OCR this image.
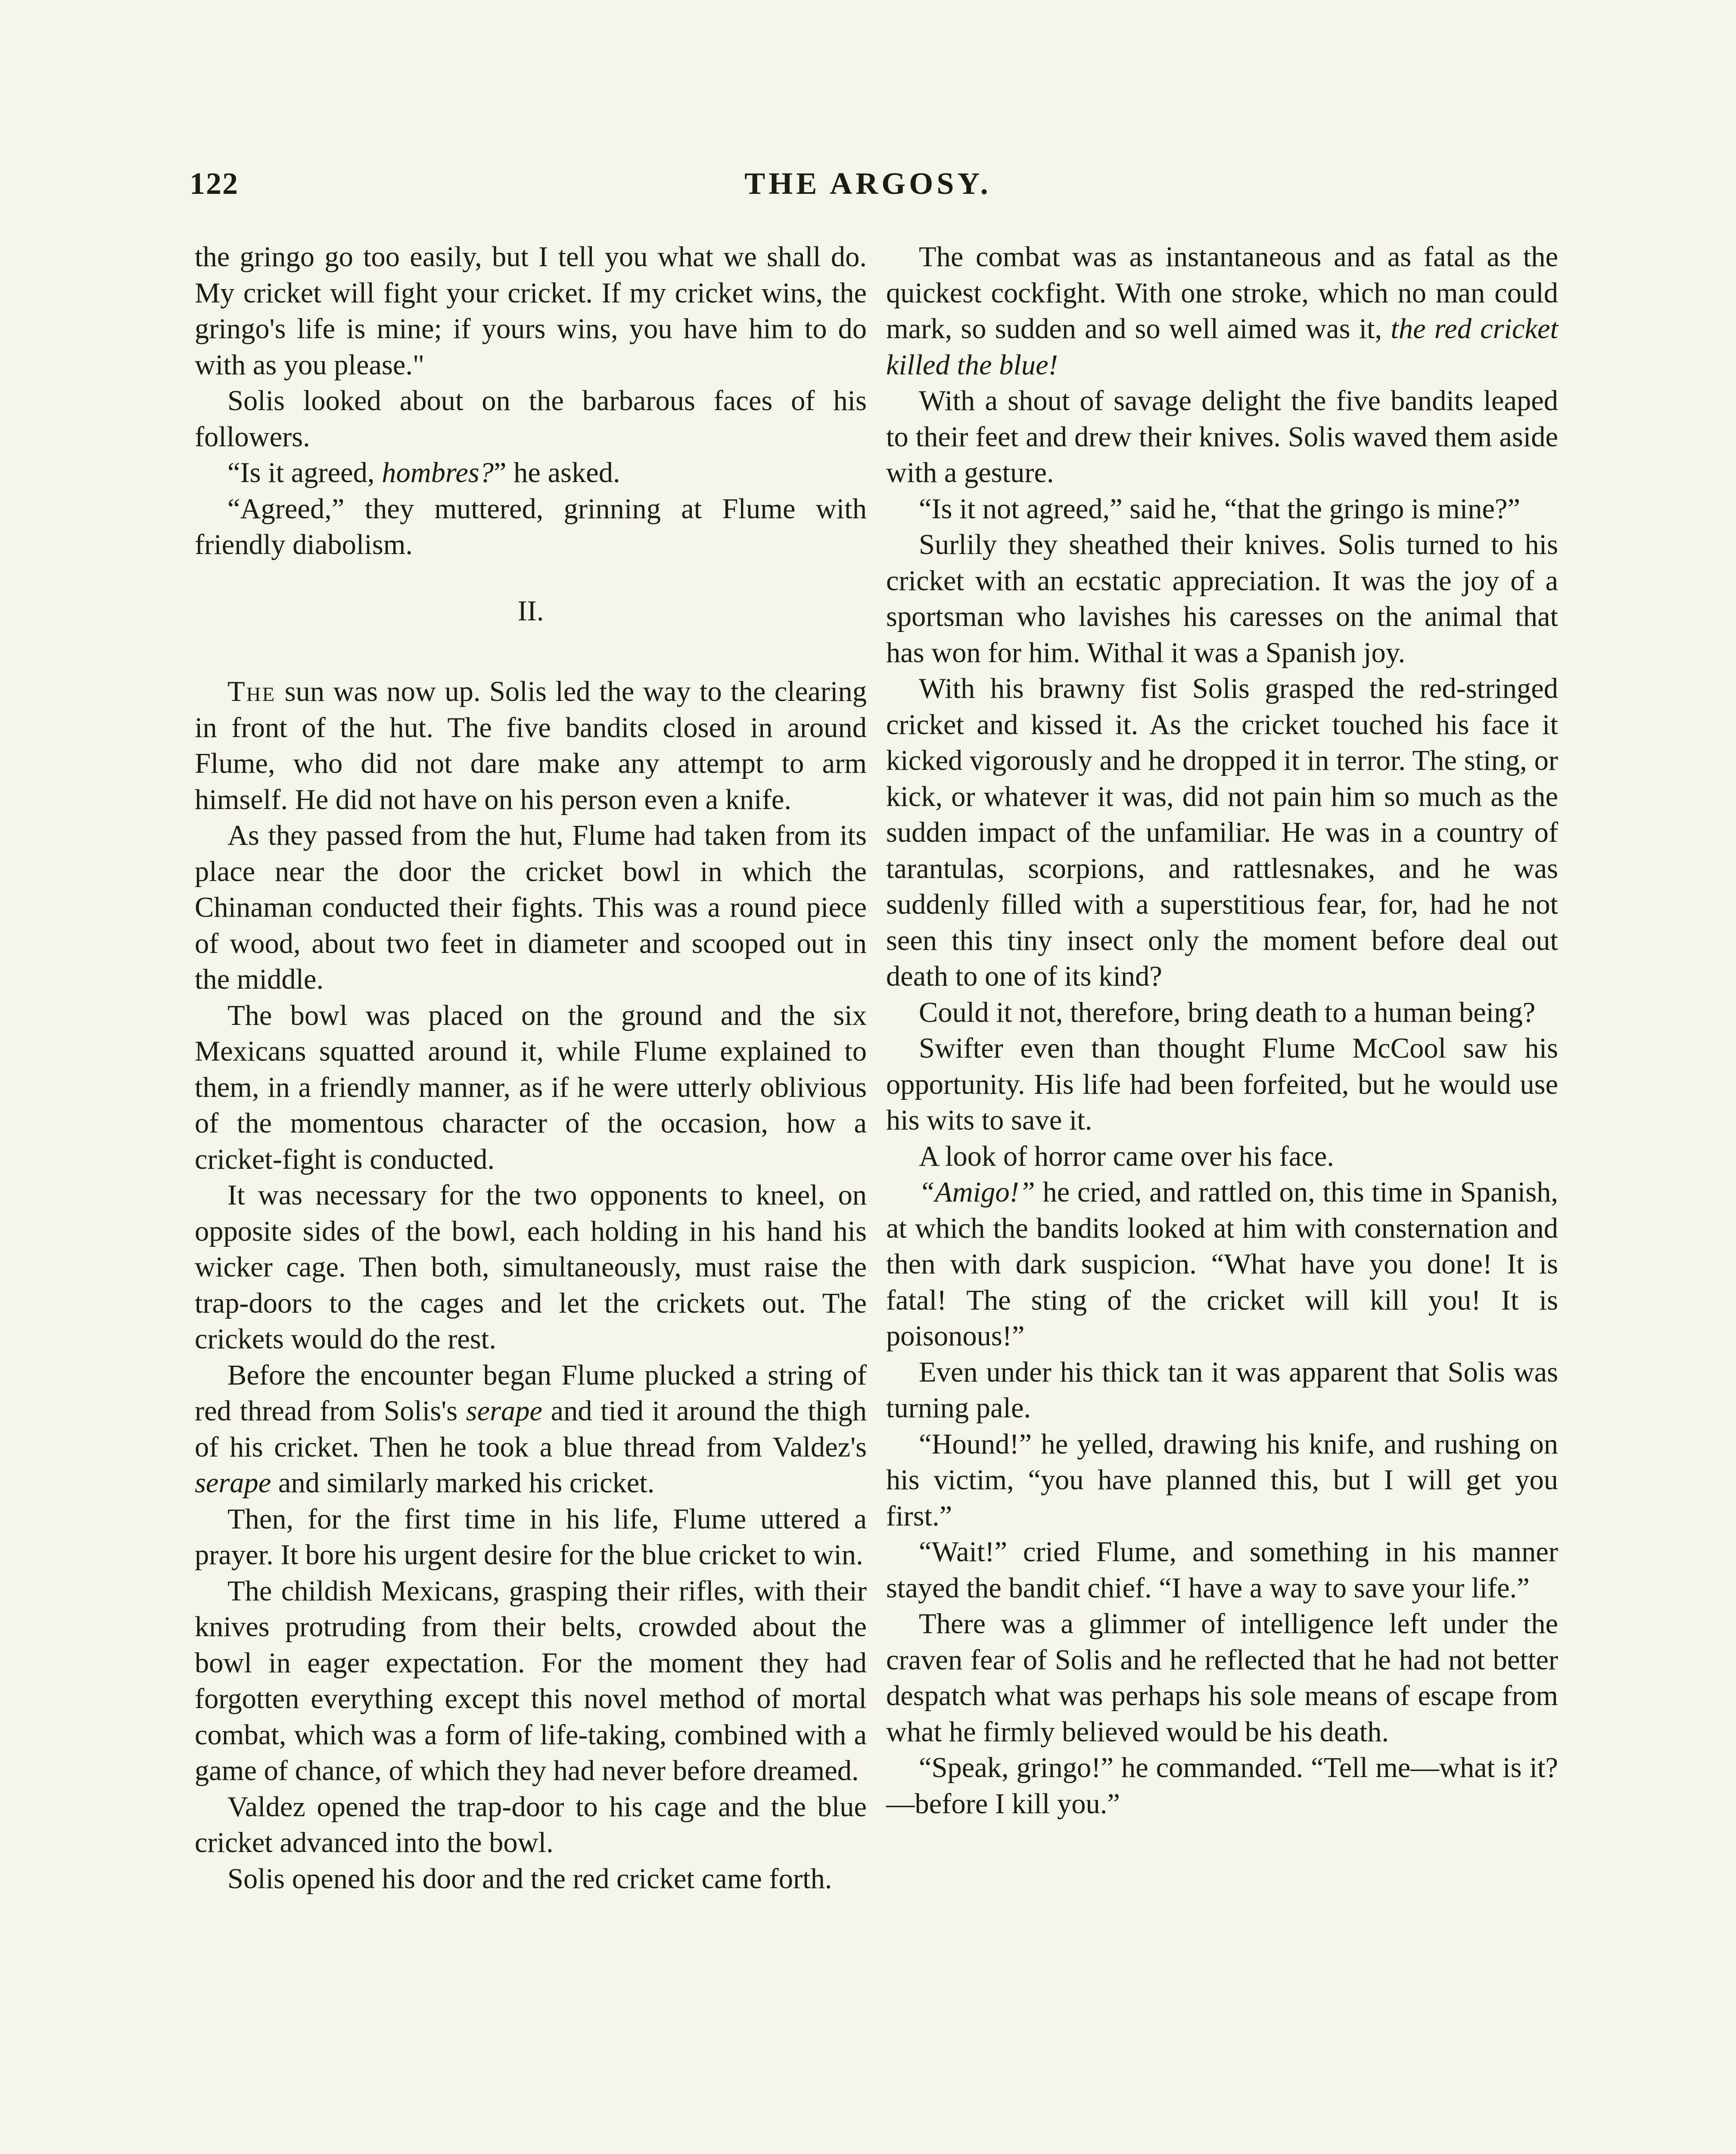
122	THE ARGOSY.

the gringo go too easily, but I tell you what we shall do. My cricket will fight your cricket. If my cricket wins, the gringo's life is mine; if yours wins, you have him to do with as you please."

Solis looked about on the barbarous faces of his followers.

“Is it agreed, hombres?” he asked.

“Agreed,” they muttered, grinning at Flume with friendly diabolism.

II.

The sun was now up. Solis led the way to the clearing in front of the hut. The five bandits closed in around Flume, who did not dare make any attempt to arm himself. He did not have on his person even a knife.

As they passed from the hut, Flume had taken from its place near the door the cricket bowl in which the Chinaman conducted their fights. This was a round piece of wood, about two feet in diameter and scooped out in the middle.

The bowl was placed on the ground and the six Mexicans squatted around it, while Flume explained to them, in a friendly manner, as if he were utterly oblivious of the momentous character of the occasion, how a cricket-fight is conducted.

It was necessary for the two opponents to kneel, on opposite sides of the bowl, each holding in his hand his wicker cage. Then both, simultaneously, must raise the trap-doors to the cages and let the crickets out. The crickets would do the rest.

Before the encounter began Flume plucked a string of red thread from Solis's serape and tied it around the thigh of his cricket. Then he took a blue thread from Valdez's serape and similarly marked his cricket.

Then, for the first time in his life, Flume uttered a prayer. It bore his urgent desire for the blue cricket to win.

The childish Mexicans, grasping their rifles, with their knives protruding from their belts, crowded about the bowl in eager expectation. For the moment they had forgotten everything except this novel method of mortal combat, which was a form of life-taking, combined with a game of chance, of which they had never before dreamed.

Valdez opened the trap-door to his cage and the blue cricket advanced into the bowl.

Solis opened his door and the red cricket came forth.

The combat was as instantaneous and as fatal as the quickest cockfight. With one stroke, which no man could mark, so sudden and so well aimed was it, the red cricket killed the blue!

With a shout of savage delight the five bandits leaped to their feet and drew their knives. Solis waved them aside with a gesture.

“Is it not agreed,” said he, “that the gringo is mine?”

Surlily they sheathed their knives. Solis turned to his cricket with an ecstatic appreciation. It was the joy of a sportsman who lavishes his caresses on the animal that has won for him. Withal it was a Spanish joy.

With his brawny fist Solis grasped the red-stringed cricket and kissed it. As the cricket touched his face it kicked vigorously and he dropped it in terror. The sting, or kick, or whatever it was, did not pain him so much as the sudden impact of the unfamiliar. He was in a country of tarantulas, scorpions, and rattlesnakes, and he was suddenly filled with a superstitious fear, for, had he not seen this tiny insect only the moment before deal out death to one of its kind?

Could it not, therefore, bring death to a human being?

Swifter even than thought Flume McCool saw his opportunity. His life had been forfeited, but he would use his wits to save it.

A look of horror came over his face.

“Amigo!” he cried, and rattled on, this time in Spanish, at which the bandits looked at him with consternation and then with dark suspicion. “What have you done! It is fatal! The sting of the cricket will kill you! It is poisonous!”

Even under his thick tan it was apparent that Solis was turning pale.

“Hound!” he yelled, drawing his knife, and rushing on his victim, “you have planned this, but I will get you first.”

“Wait!” cried Flume, and something in his manner stayed the bandit chief. “I have a way to save your life.”

There was a glimmer of intelligence left under the craven fear of Solis and he reflected that he had not better despatch what was perhaps his sole means of escape from what he firmly believed would be his death.

“Speak, gringo!” he commanded. “Tell me—what is it?—before I kill you.”
